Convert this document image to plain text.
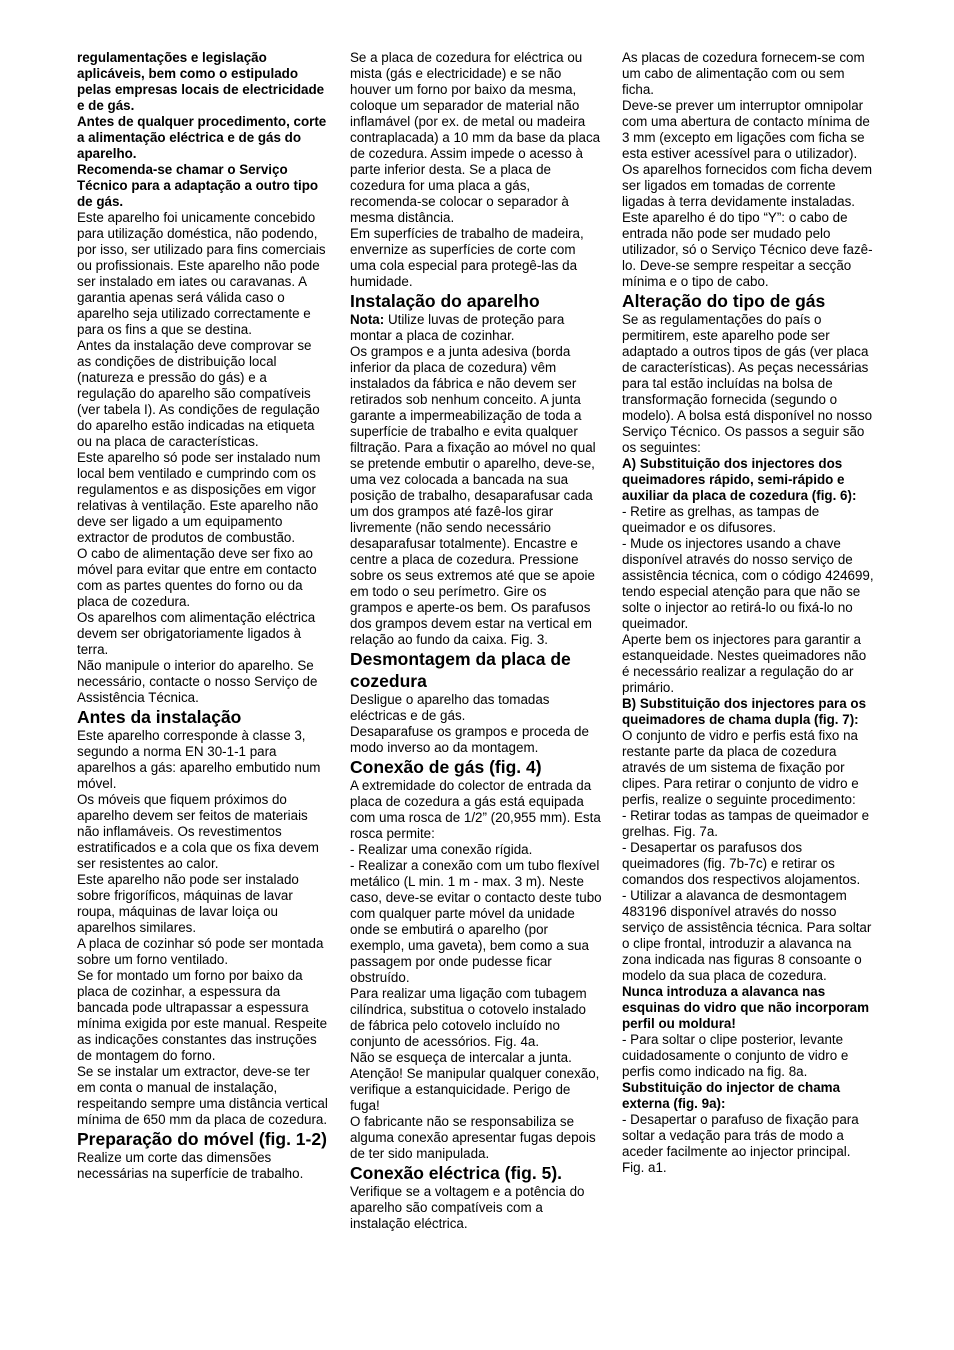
regulamentações e legislação aplicáveis, bem como o estipulado pelas empresas locais de electricidade e de gás.

Antes de qualquer procedimento, corte a alimentação eléctrica e de gás do aparelho.

Recomenda-se chamar o Serviço Técnico para a adaptação a outro tipo de gás.

Este aparelho foi unicamente concebido para utilização doméstica, não podendo, por isso, ser utilizado para fins comerciais ou profissionais. Este aparelho não pode ser instalado em iates ou caravanas. A garantia apenas será válida caso o aparelho seja utilizado correctamente e para os fins a que se destina.

Antes da instalação deve comprovar se as condições de distribuição local (natureza e pressão do gás) e a regulação do aparelho são compatíveis (ver tabela I). As condições de regulação do aparelho estão indicadas na etiqueta ou na placa de características.

Este aparelho só pode ser instalado num local bem ventilado e cumprindo com os regulamentos e as disposições em vigor relativas à ventilação. Este aparelho não deve ser ligado a um equipamento extractor de produtos de combustão.

O cabo de alimentação deve ser fixo ao móvel para evitar que entre em contacto com as partes quentes do forno ou da placa de cozedura.

Os aparelhos com alimentação eléctrica devem ser obrigatoriamente ligados à terra.

Não manipule o interior do aparelho. Se necessário, contacte o nosso Serviço de Assistência Técnica.

Antes da instalação

Este aparelho corresponde à classe 3, segundo a norma EN 30-1-1 para aparelhos a gás: aparelho embutido num móvel.

Os móveis que fiquem próximos do aparelho devem ser feitos de materiais não inflamáveis. Os revestimentos estratificados e a cola que os fixa devem ser resistentes ao calor.

Este aparelho não pode ser instalado sobre frigoríficos, máquinas de lavar roupa, máquinas de lavar loiça ou aparelhos similares.

A placa de cozinhar só pode ser montada sobre um forno ventilado.

Se for montado um forno por baixo da placa de cozinhar, a espessura da bancada pode ultrapassar a espessura mínima exigida por este manual. Respeite as indicações constantes das instruções de montagem do forno.

Se se instalar um extractor, deve-se ter em conta o manual de instalação, respeitando sempre uma distância vertical mínima de 650 mm da placa de cozedura.

Preparação do móvel (fig. 1-2)

Realize um corte das dimensões necessárias na superfície de trabalho.

Se a placa de cozedura for eléctrica ou mista (gás e electricidade) e se não houver um forno por baixo da mesma, coloque um separador de material não inflamável (por ex. de metal ou madeira contraplacada) a 10 mm da base da placa de cozedura. Assim impede o acesso à parte inferior desta. Se a placa de cozedura for uma placa a gás, recomenda-se colocar o separador à mesma distância.

Em superfícies de trabalho de madeira, envernize as superfícies de corte com uma cola especial para protegê-las da humidade.

Instalação do aparelho

Nota: Utilize luvas de proteção para montar a placa de cozinhar.

Os grampos e a junta adesiva (borda inferior da placa de cozedura) vêm instalados da fábrica e não devem ser retirados sob nenhum conceito. A junta garante a impermeabilização de toda a superfície de trabalho e evita qualquer filtração. Para a fixação ao móvel no qual se pretende embutir o aparelho, deve-se, uma vez colocada a bancada na sua posição de trabalho, desaparafusar cada um dos grampos até fazê-los girar livremente (não sendo necessário desaparafusar totalmente). Encastre e centre a placa de cozedura. Pressione sobre os seus extremos até que se apoie em todo o seu perímetro. Gire os grampos e aperte-os bem. Os parafusos dos grampos devem estar na vertical em relação ao fundo da caixa. Fig. 3.

Desmontagem da placa de cozedura

Desligue o aparelho das tomadas eléctricas e de gás.

Desaparafuse os grampos e proceda de modo inverso ao da montagem.

Conexão de gás (fig. 4)

A extremidade do colector de entrada da placa de cozedura a gás está equipada com uma rosca de 1/2” (20,955 mm). Esta rosca permite:

- Realizar uma conexão rígida.

- Realizar a conexão com um tubo flexível metálico (L min. 1 m - max. 3 m). Neste caso, deve-se evitar o contacto deste tubo com qualquer parte móvel da unidade onde se embutirá o aparelho (por exemplo, uma gaveta), bem como a sua passagem por onde pudesse ficar obstruído.

Para realizar uma ligação com tubagem cilíndrica, substitua o cotovelo instalado de fábrica pelo cotovelo incluído no conjunto de acessórios. Fig. 4a.

Não se esqueça de intercalar a junta. Atenção! Se manipular qualquer conexão, verifique a estanquicidade. Perigo de fuga!

O fabricante não se responsabiliza se alguma conexão apresentar fugas depois de ter sido manipulada.

Conexão eléctrica (fig. 5).

Verifique se a voltagem e a potência do aparelho são compatíveis com a instalação eléctrica.

As placas de cozedura fornecem-se com um cabo de alimentação com ou sem ficha.

Deve-se prever um interruptor omnipolar com uma abertura de contacto mínima de 3 mm (excepto em ligações com ficha se esta estiver acessível para o utilizador).

Os aparelhos fornecidos com ficha devem ser ligados em tomadas de corrente ligadas à terra devidamente instaladas.

Este aparelho é do tipo “Y”: o cabo de entrada não pode ser mudado pelo utilizador, só o Serviço Técnico deve fazê-lo. Deve-se sempre respeitar a secção mínima e o tipo de cabo.

Alteração do tipo de gás

Se as regulamentações do país o permitirem, este aparelho pode ser adaptado a outros tipos de gás (ver placa de características). As peças necessárias para tal estão incluídas na bolsa de transformação fornecida (segundo o modelo). A bolsa está disponível no nosso Serviço Técnico. Os passos a seguir são os seguintes:

A) Substituição dos injectores dos queimadores rápido, semi-rápido e auxiliar da placa de cozedura (fig. 6):

- Retire as grelhas, as tampas de queimador e os difusores.

- Mude os injectores usando a chave disponível através do nosso serviço de assistência técnica, com o código 424699, tendo especial atenção para que não se solte o injector ao retirá-lo ou fixá-lo no queimador.

Aperte bem os injectores para garantir a estanqueidade. Nestes queimadores não é necessário realizar a regulação do ar primário.

B) Substituição dos injectores para os queimadores de chama dupla (fig. 7):

O conjunto de vidro e perfis está fixo na restante parte da placa de cozedura através de um sistema de fixação por clipes. Para retirar o conjunto de vidro e perfis, realize o seguinte procedimento:

- Retirar todas as tampas de queimador e grelhas. Fig. 7a.

- Desapertar os parafusos dos queimadores (fig. 7b-7c) e retirar os comandos dos respectivos alojamentos.

- Utilizar a alavanca de desmontagem 483196 disponível através do nosso serviço de assistência técnica. Para soltar o clipe frontal, introduzir a alavanca na zona indicada nas figuras 8 consoante o modelo da sua placa de cozedura.

Nunca introduza a alavanca nas esquinas do vidro que não incorporam perfil ou moldura!

- Para soltar o clipe posterior, levante cuidadosamente o conjunto de vidro e perfis como indicado na fig. 8a.

Substituição do injector de chama externa (fig. 9a):

- Desapertar o parafuso de fixação para soltar a vedação para trás de modo a aceder facilmente ao injector principal. Fig. a1.
